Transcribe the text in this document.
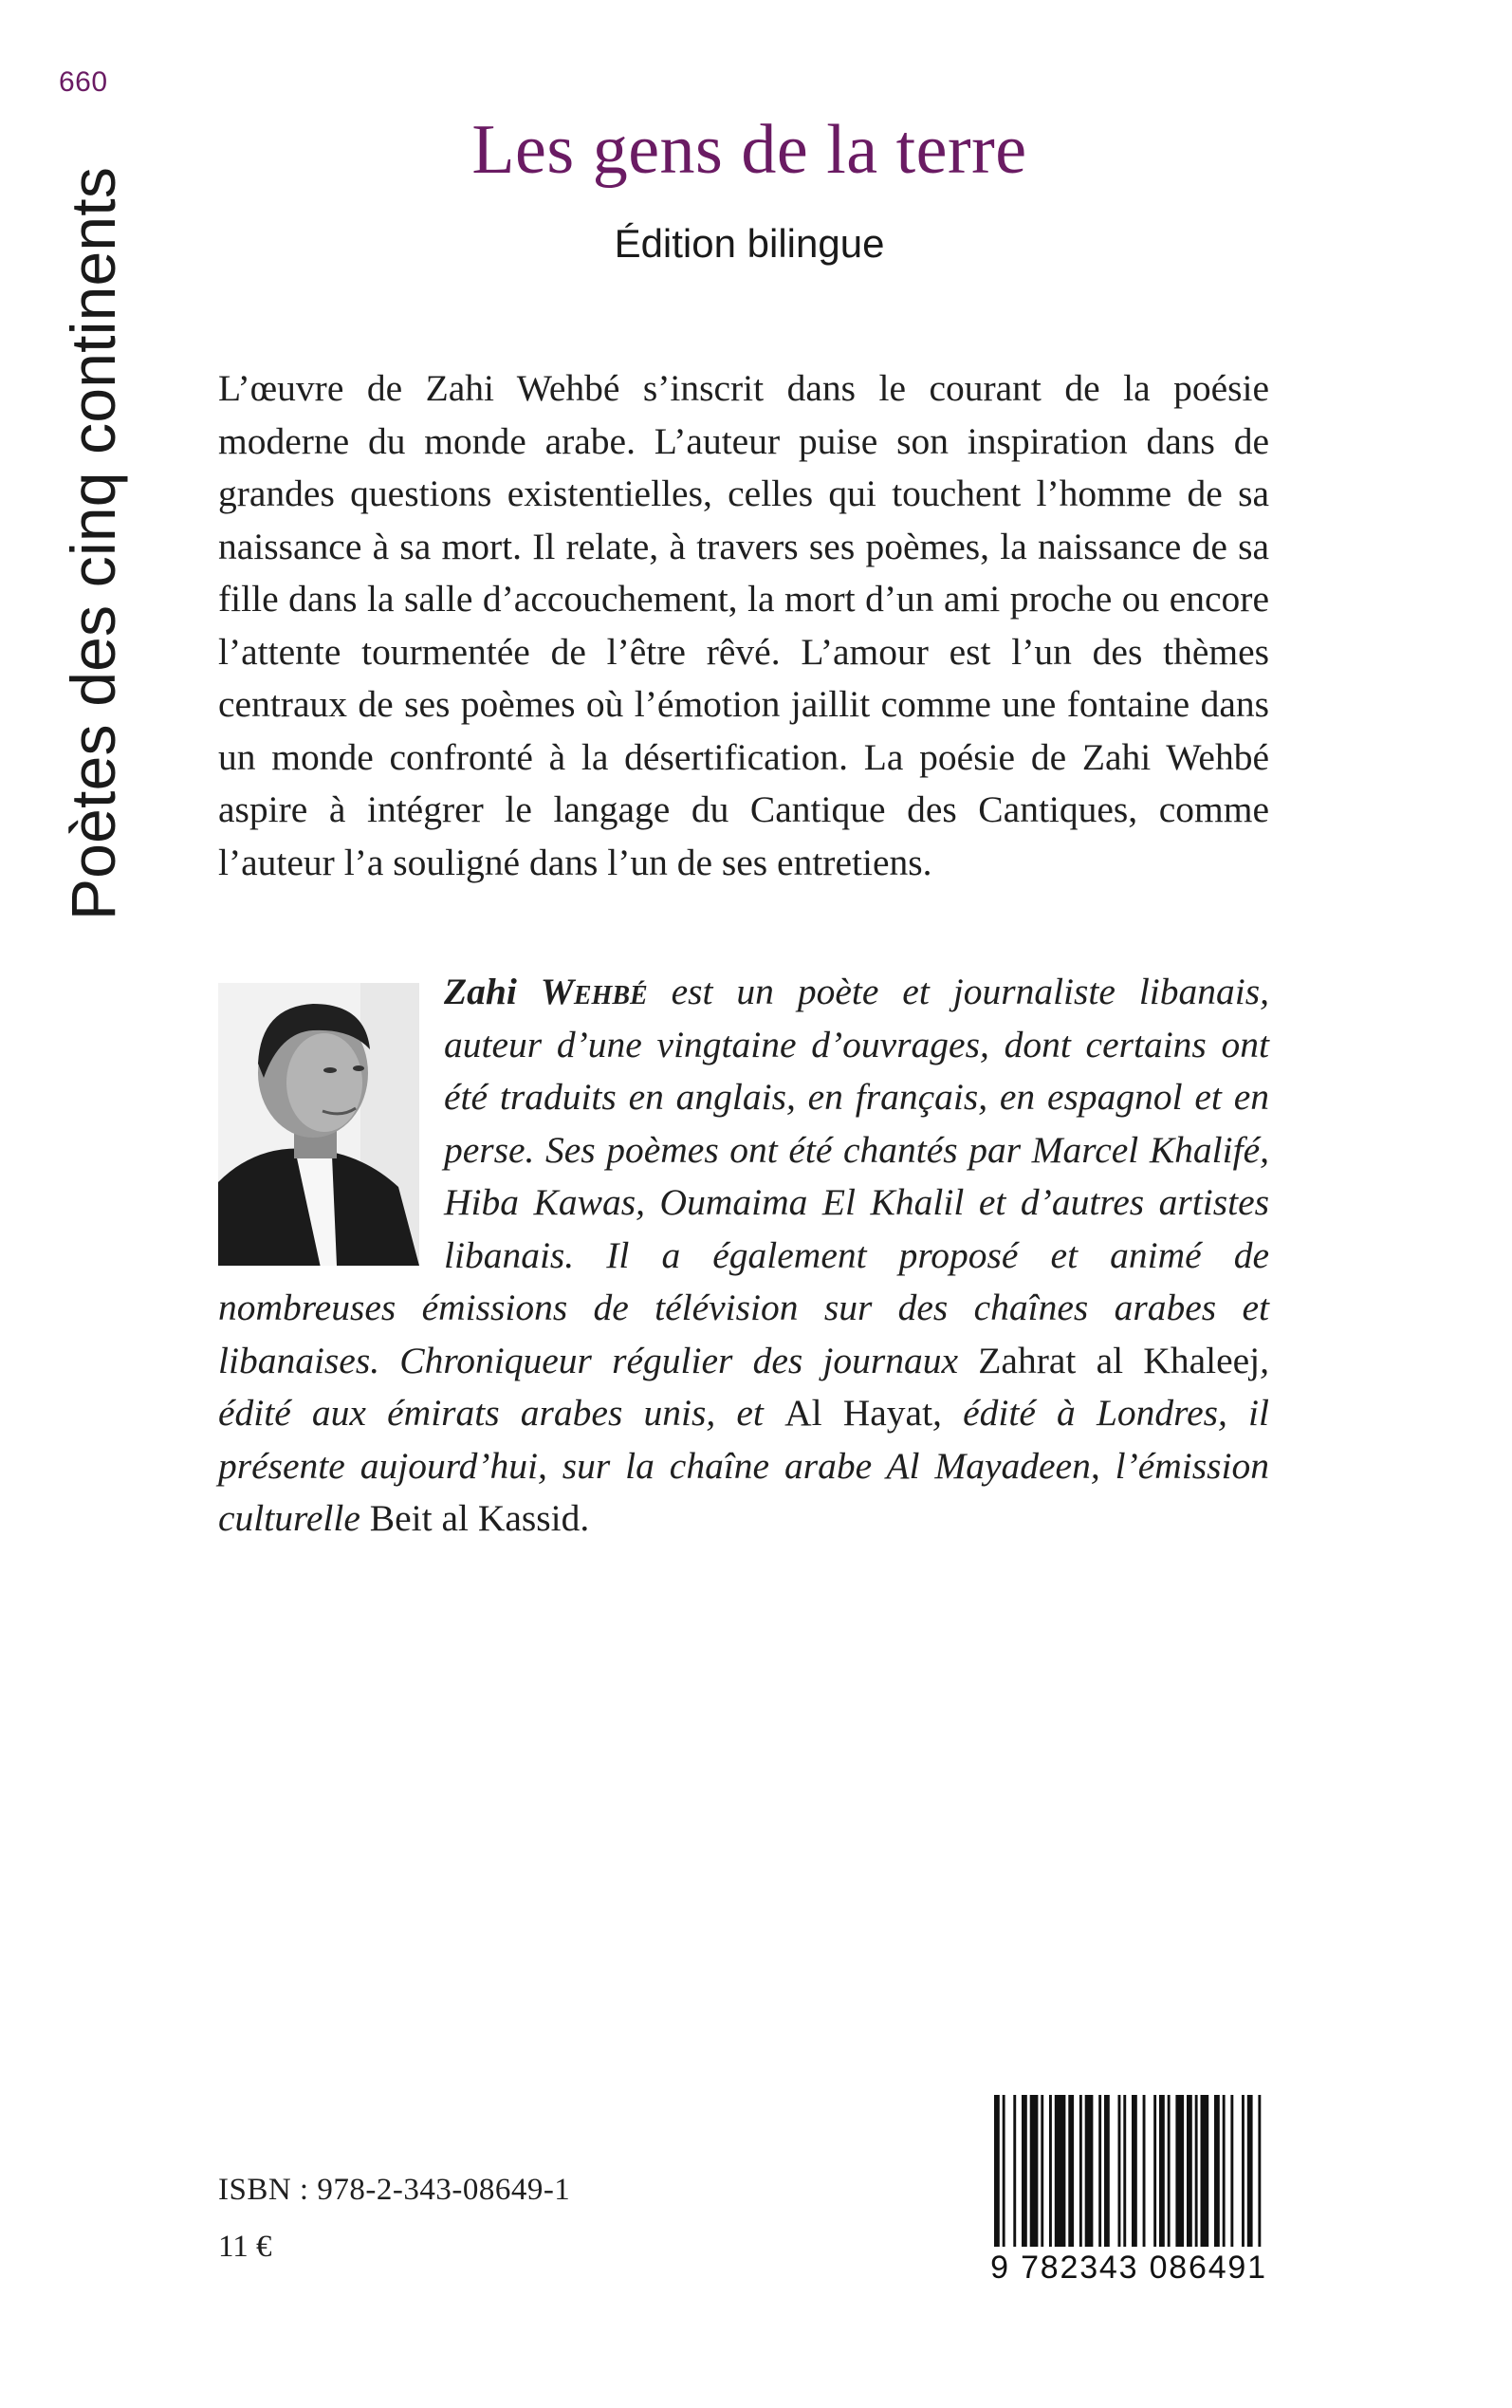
660
Poètes des cinq continents
Les gens de la terre
Édition bilingue

L’œuvre de Zahi Wehbé s’inscrit dans le courant de la poésie moderne du monde arabe. L’auteur puise son inspiration dans de grandes questions existentielles, celles qui touchent l’homme de sa naissance à sa mort. Il relate, à travers ses poèmes, la naissance de sa fille dans la salle d’accouchement, la mort d’un ami proche ou encore l’attente tourmentée de l’être rêvé. L’amour est l’un des thèmes centraux de ses poèmes où l’émotion jaillit comme une fontaine dans un monde confronté à la désertification. La poésie de Zahi Wehbé aspire à intégrer le langage du Cantique des Cantiques, comme l’auteur l’a souligné dans l’un de ses entretiens.

Zahi Wehbé est un poète et journaliste libanais, auteur d’une vingtaine d’ouvrages, dont certains ont été traduits en anglais, en français, en espagnol et en perse. Ses poèmes ont été chantés par Marcel Khalifé, Hiba Kawas, Oumaima El Khalil et d’autres artistes libanais. Il a également proposé et animé de nombreuses émissions de télévision sur des chaînes arabes et libanaises. Chroniqueur régulier des journaux Zahrat al Khaleej, édité aux émirats arabes unis, et Al Hayat, édité à Londres, il présente aujourd’hui, sur la chaîne arabe Al Mayadeen, l’émission culturelle Beit al Kassid.

ISBN : 978-2-343-08649-1
11 €
9 782343 086491
